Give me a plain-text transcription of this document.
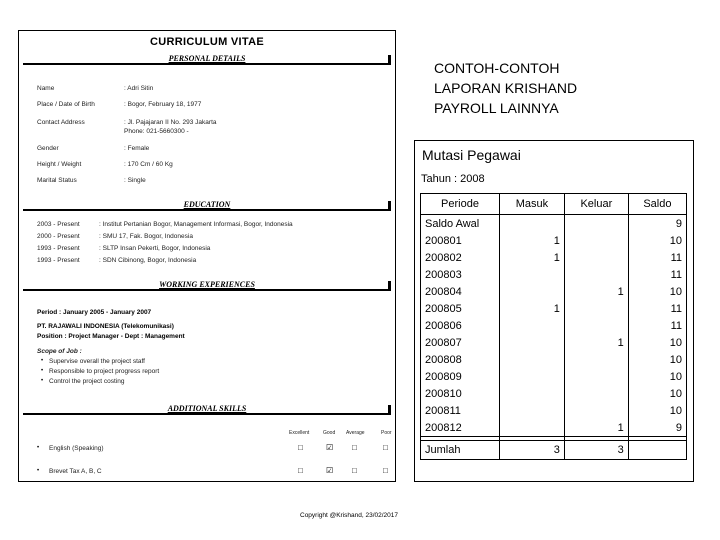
CURRICULUM VITAE
PERSONAL DETAILS
Name	: Adri Sitin
Place / Date of Birth	: Bogor, February 18, 1977
Contact Address	: Jl. Pajajaran II No. 293 Jakarta
Phone: 021-5660300 -
Gender	: Female
Height / Weight	: 170 Cm / 60 Kg
Marital Status	: Single
EDUCATION
2003 - Present	: Institut Pertanian Bogor, Management Informasi, Bogor, Indonesia
2000 - Present	: SMU 17, Fak. Bogor, Indonesia
1993 - Present	: SLTP Insan Pekerti, Bogor, Indonesia
1993 - Present	: SDN Cibinong, Bogor, Indonesia
WORKING EXPERIENCES
Period : January 2005 - January 2007
PT. RAJAWALI INDONESIA (Telekomunikasi)
Position : Project Manager - Dept : Management
Scope of Job :
• Supervise overall the project staff
• Responsible to project progress report
• Control the project costing
ADDITIONAL SKILLS
Excellent	Good Average	Poor
• English (Speaking)	□	☑ □	□
• Brevet Tax A, B, C	□	☑ □	□
Copyright @Krishand, 23/02/2017
CONTOH-CONTOH
LAPORAN KRISHAND
PAYROLL LAINNYA
Mutasi Pegawai
Tahun : 2008
Periode	Masuk	Keluar	Saldo
Saldo Awal			9
200801	1		10
200802	1		11
200803			11
200804		1	10
200805	1		11
200806			11
200807		1	10
200808			10
200809			10
200810			10
200811			10
200812		1	9

Jumlah	3	3	
